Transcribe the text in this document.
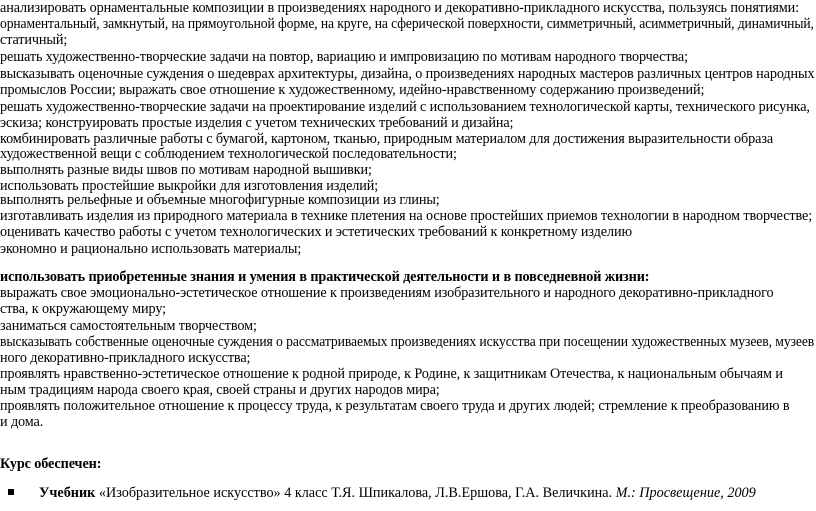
анализировать орнаментальные композиции в произведениях народного и декоративно-прикладного искусства, пользуясь понятиями:
орнаментальный, замкнутый, на прямоугольной форме, на круге, на сферической поверхности, симметричный, асимметричный, динамичный,
статичный;
решать художественно-творческие задачи на повтор, вариацию и импровизацию по мотивам народного творчества;
высказывать оценочные суждения о шедеврах архитектуры, дизайна, о произведениях народных мастеров различных центров народных
промыслов России; выражать свое отношение к художественному, идейно-нравственному содержанию произведений;
решать художественно-творческие задачи на проектирование изделий с использованием технологической карты, технического рисунка,
эскиза; конструировать простые изделия с учетом технических требований и дизайна;
комбинировать различные работы с бумагой, картоном, тканью, природным материалом для достижения выразительности образа
художественной вещи с соблюдением технологической последовательности;
выполнять разные виды швов по мотивам народной вышивки;
использовать простейшие выкройки для изготовления изделий;
выполнять рельефные и объемные многофигурные композиции из глины;
изготавливать изделия из природного материала в технике плетения на основе простейших приемов технологии в народном творчестве;
оценивать качество работы с учетом технологических и эстетических требований к конкретному изделию
экономно и рационально использовать материалы;
использовать приобретенные знания и умения в практической деятельности и в повседневной жизни:
выражать свое эмоционально-эстетическое отношение к произведениям изобразительного и народного декоративно-прикладного
ства, к окружающему миру;
заниматься самостоятельным творчеством;
высказывать собственные оценочные суждения о рассматриваемых произведениях искусства при посещении художественных музеев, музеев
ного декоративно-прикладного искусства;
проявлять нравственно-эстетическое отношение к родной природе, к Родине, к защитникам Отечества, к национальным обычаям и
ным традициям народа своего края, своей страны и других народов мира;
проявлять положительное отношение к процессу труда, к результатам своего труда и других людей; стремление к преобразованию в
и дома.
Курс обеспечен:
Учебник «Изобразительное искусство» 4 класс Т.Я. Шпикалова, Л.В.Ершова, Г.А. Величкина. М.: Просвещение, 2009
